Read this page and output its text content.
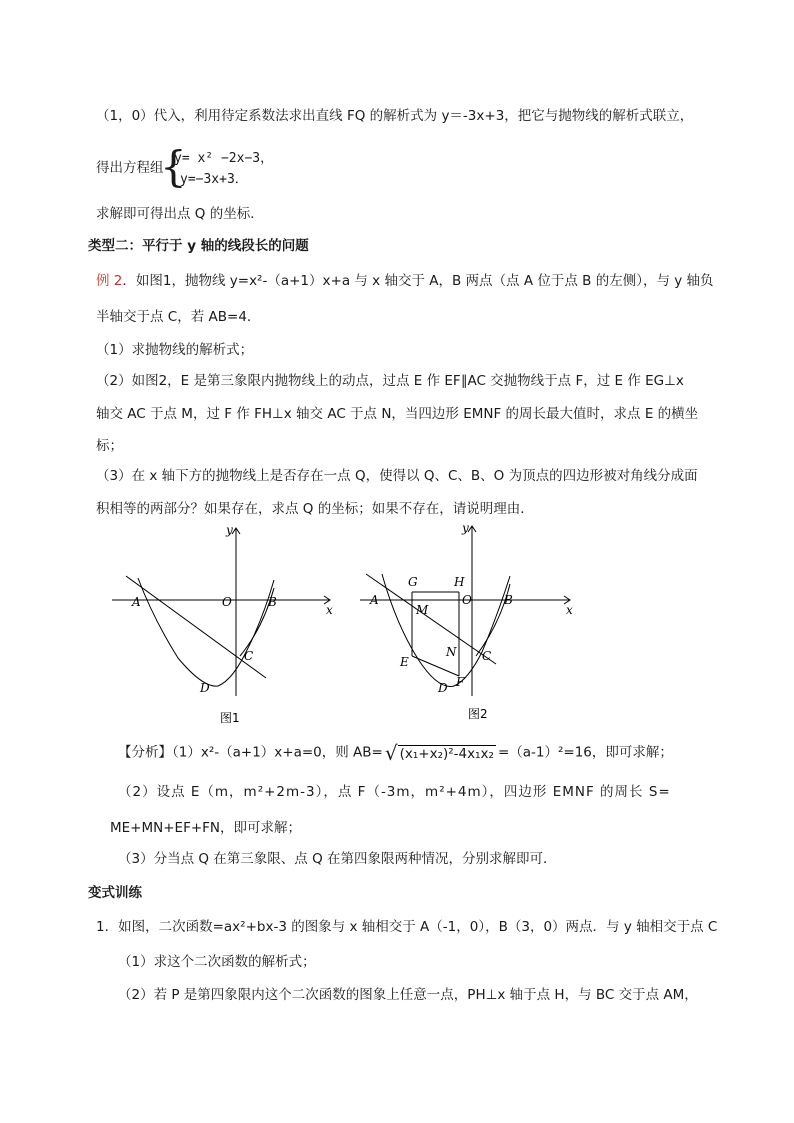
（1，0）代入，利用待定系数法求出直线 FQ 的解析式为 y＝-3x+3，把它与抛物线的解析式联立，
得出方程组
{
y= x² −2x−3，
y=−3x+3．
求解即可得出点 Q 的坐标．
类型二：平行于 y 轴的线段长的问题
例 2．如图1，抛物线 y=x²-（a+1）x+a 与 x 轴交于 A，B 两点（点 A 位于点 B 的左侧），与 y 轴负
半轴交于点 C，若 AB=4．
（1）求抛物线的解析式；
（2）如图2，E 是第三象限内抛物线上的动点，过点 E 作 EF∥AC 交抛物线于点 F，过 E 作 EG⊥x
轴交 AC 于点 M，过 F 作 FH⊥x 轴交 AC 于点 N，当四边形 EMNF 的周长最大值时，求点 E 的横坐
标；
（3）在 x 轴下方的抛物线上是否存在一点 Q，使得以 Q、C、B、O 为顶点的四边形被对角线分成面
积相等的两部分？如果存在，求点 Q 的坐标；如果不存在，请说明理由．
A	O	B
C
D
y
x
图1
A
G	H
O	B
M
E
N C
D F
y
x
图2
【分析】（1）x²-（a+1）x+a=0，则 AB= √ (x₁+x₂)²-4x₁x₂ =（a-1）²=16，即可求解；
（2）设点 E（m，m²+2m-3），点 F（-3m，m²+4m），四边形 EMNF 的周长 S=
ME+MN+EF+FN，即可求解；
（3）分当点 Q 在第三象限、点 Q 在第四象限两种情况，分别求解即可．
变式训练
1．如图，二次函数=ax²+bx-3 的图象与 x 轴相交于 A（-1，0），B（3，0）两点．与 y 轴相交于点 C
（1）求这个二次函数的解析式；
（2）若 P 是第四象限内这个二次函数的图象上任意一点，PH⊥x 轴于点 H，与 BC 交于点 AM，
